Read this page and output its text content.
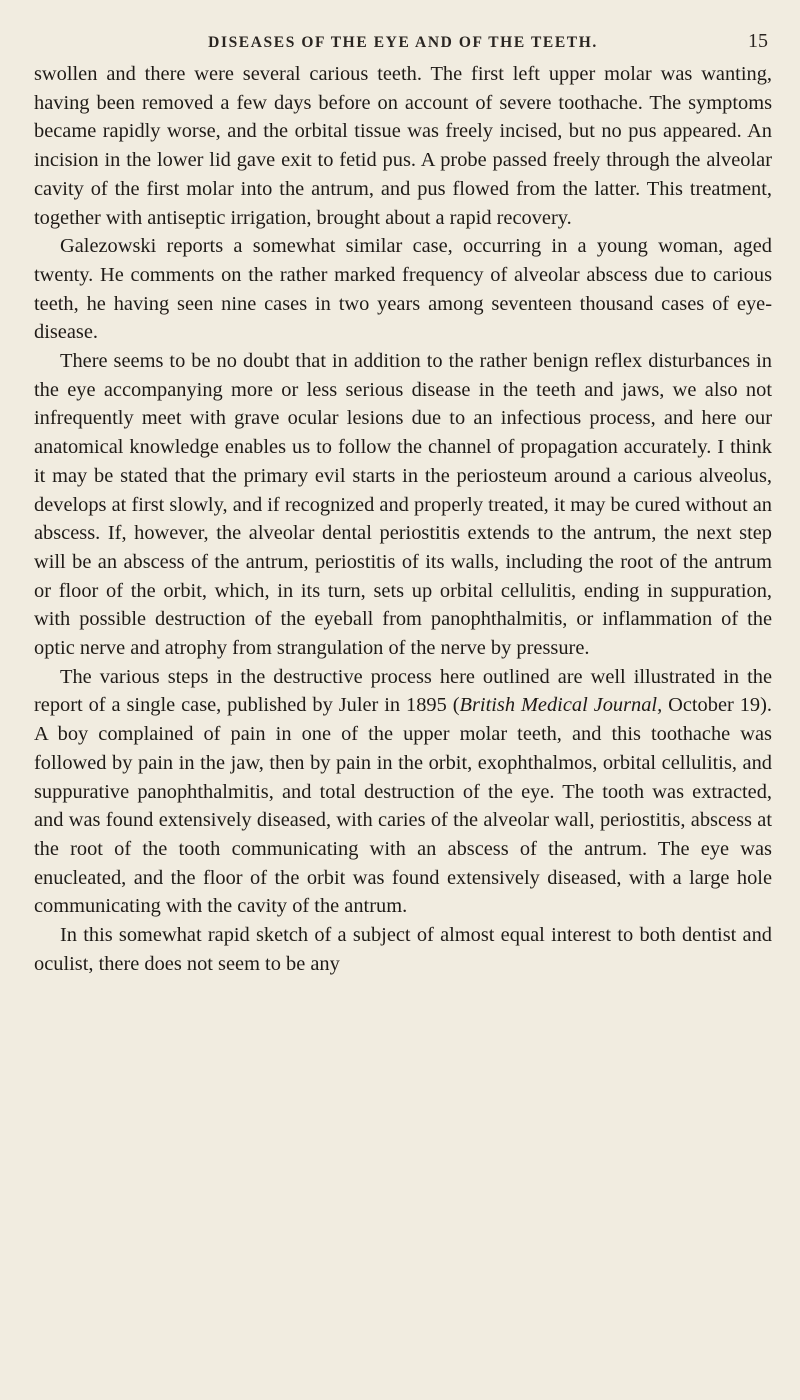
DISEASES OF THE EYE AND OF THE TEETH.	15

swollen and there were several carious teeth. The first left upper molar was wanting, having been removed a few days before on account of severe toothache. The symptoms became rapidly worse, and the orbital tissue was freely incised, but no pus appeared. An incision in the lower lid gave exit to fetid pus. A probe passed freely through the alveolar cavity of the first molar into the antrum, and pus flowed from the latter. This treatment, together with antiseptic irrigation, brought about a rapid recovery.

Galezowski reports a somewhat similar case, occurring in a young woman, aged twenty. He comments on the rather marked frequency of alveolar abscess due to carious teeth, he having seen nine cases in two years among seventeen thousand cases of eye-disease.

There seems to be no doubt that in addition to the rather benign reflex disturbances in the eye accompanying more or less serious disease in the teeth and jaws, we also not infrequently meet with grave ocular lesions due to an infectious process, and here our anatomical knowledge enables us to follow the channel of propagation accurately. I think it may be stated that the primary evil starts in the periosteum around a carious alveolus, develops at first slowly, and if recognized and properly treated, it may be cured without an abscess. If, however, the alveolar dental periostitis extends to the antrum, the next step will be an abscess of the antrum, periostitis of its walls, including the root of the antrum or floor of the orbit, which, in its turn, sets up orbital cellulitis, ending in suppuration, with possible destruction of the eyeball from panophthalmitis, or inflammation of the optic nerve and atrophy from strangulation of the nerve by pressure.

The various steps in the destructive process here outlined are well illustrated in the report of a single case, published by Juler in 1895 (British Medical Journal, October 19). A boy complained of pain in one of the upper molar teeth, and this toothache was followed by pain in the jaw, then by pain in the orbit, exophthalmos, orbital cellulitis, and suppurative panophthalmitis, and total destruction of the eye. The tooth was extracted, and was found extensively diseased, with caries of the alveolar wall, periostitis, abscess at the root of the tooth communicating with an abscess of the antrum. The eye was enucleated, and the floor of the orbit was found extensively diseased, with a large hole communicating with the cavity of the antrum.

In this somewhat rapid sketch of a subject of almost equal interest to both dentist and oculist, there does not seem to be any
